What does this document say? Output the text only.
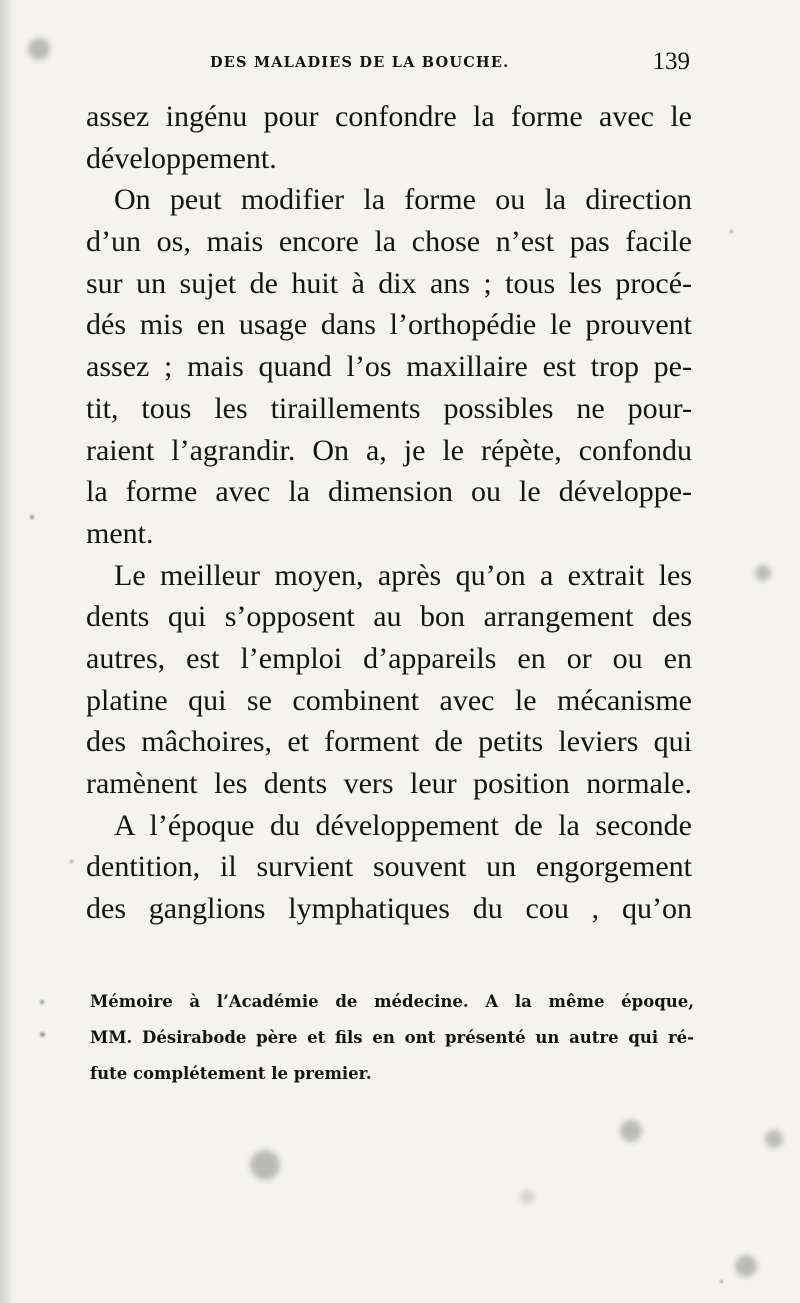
DES MALADIES DE LA BOUCHE.	139
assez ingénu pour confondre la forme avec le
développement.
On peut modifier la forme ou la direction
d’un os, mais encore la chose n’est pas facile
sur un sujet de huit à dix ans ; tous les procé-
dés mis en usage dans l’orthopédie le prouvent
assez ; mais quand l’os maxillaire est trop pe-
tit, tous les tiraillements possibles ne pour-
raient l’agrandir. On a, je le répète, confondu
la forme avec la dimension ou le développe-
ment.
Le meilleur moyen, après qu’on a extrait les
dents qui s’opposent au bon arrangement des
autres, est l’emploi d’appareils en or ou en
platine qui se combinent avec le mécanisme
des mâchoires, et forment de petits leviers qui
ramènent les dents vers leur position normale.
A l’époque du développement de la seconde
dentition, il survient souvent un engorgement
des ganglions lymphatiques du cou , qu’on
Mémoire à l’Académie de médecine. A la même époque,
MM. Désirabode père et fils en ont présenté un autre qui ré-
fute complétement le premier.
